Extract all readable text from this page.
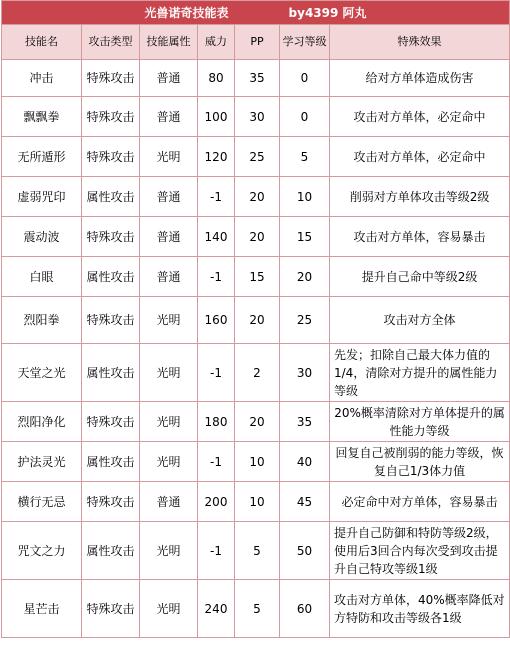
光兽诺奇技能表 by4399 阿丸						
技能名	攻击类型	技能属性	威力	PP	学习等级	特殊效果
冲击	特殊攻击	普通	80	35	0	给对方单体造成伤害
飘飘拳	特殊攻击	普通	100	30	0	攻击对方单体，必定命中
无所遁形	特殊攻击	光明	120	25	5	攻击对方单体，必定命中
虚弱咒印	属性攻击	普通	-1	20	10	削弱对方单体攻击等级2级
震动波	特殊攻击	普通	140	20	15	攻击对方单体，容易暴击
白眼	属性攻击	普通	-1	15	20	提升自己命中等级2级
烈阳拳	特殊攻击	光明	160	20	25	攻击对方全体
天堂之光	属性攻击	光明	-1	2	30	先发；扣除自己最大体力值的1/4，清除对方提升的属性能力等级
烈阳净化	特殊攻击	光明	180	20	35	20%概率清除对方单体提升的属性能力等级
护法灵光	属性攻击	光明	-1	10	40	回复自己被削弱的能力等级，恢复自己1/3体力值
横行无忌	特殊攻击	普通	200	10	45	必定命中对方单体，容易暴击
咒文之力	属性攻击	光明	-1	5	50	提升自己防御和特防等级2级，使用后3回合内每次受到攻击提升自己特攻等级1级
星芒击	特殊攻击	光明	240	5	60	攻击对方单体，40%概率降低对方特防和攻击等级各1级
